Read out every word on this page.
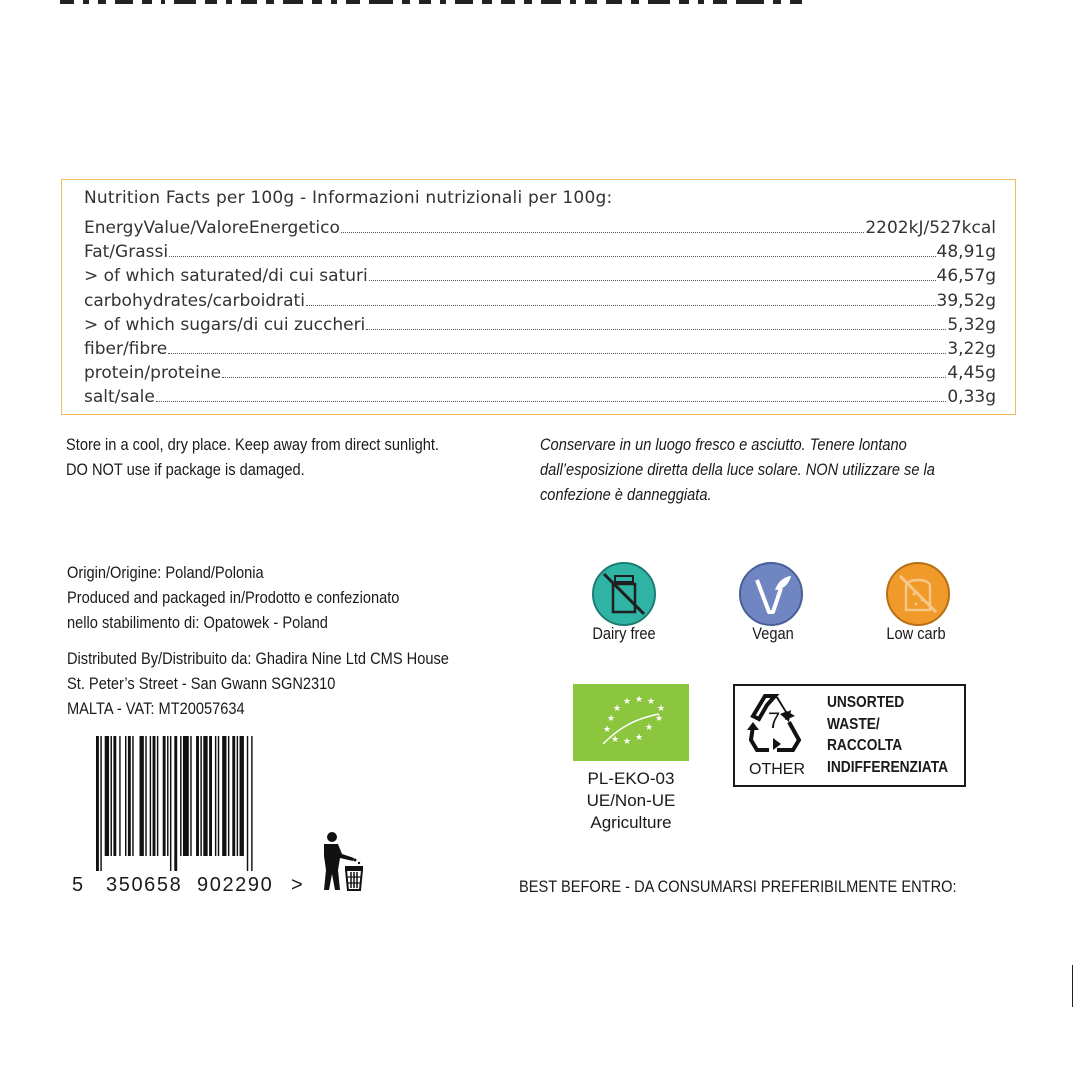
Nutrition Facts per 100g - Informazioni nutrizionali per 100g:
EnergyValue/ValoreEnergetico	2202kJ/527kcal
Fat/Grassi	48,91g
> of which saturated/di cui saturi	46,57g
carbohydrates/carboidrati	39,52g
> of which sugars/di cui zuccheri	5,32g
fiber/fibre	3,22g
protein/proteine	4,45g
salt/sale	0,33g
Store in a cool, dry place. Keep away from direct sunlight.
DO NOT use if package is damaged.
Conservare in un luogo fresco e asciutto. Tenere lontano
dall’esposizione diretta della luce solare. NON utilizzare se la
confezione è danneggiata.
Origin/Origine: Poland/Polonia
Produced and packaged in/Prodotto e confezionato
nello stabilimento di: Opatowek - Poland
Distributed By/Distribuito da: Ghadira Nine Ltd CMS House
St. Peter’s Street - San Gwann SGN2310
MALTA - VAT: MT20057634
5 350658 902290 >
Dairy free	Vegan	Low carb
★ ★ ★
★
★
★	★
★	★
★ ★ ★
PL-EKO-03
UE/Non-UE
Agriculture
7
OTHER
UNSORTED
WASTE/
RACCOLTA
INDIFFERENZIATA
BEST BEFORE - DA CONSUMARSI PREFERIBILMENTE ENTRO:
